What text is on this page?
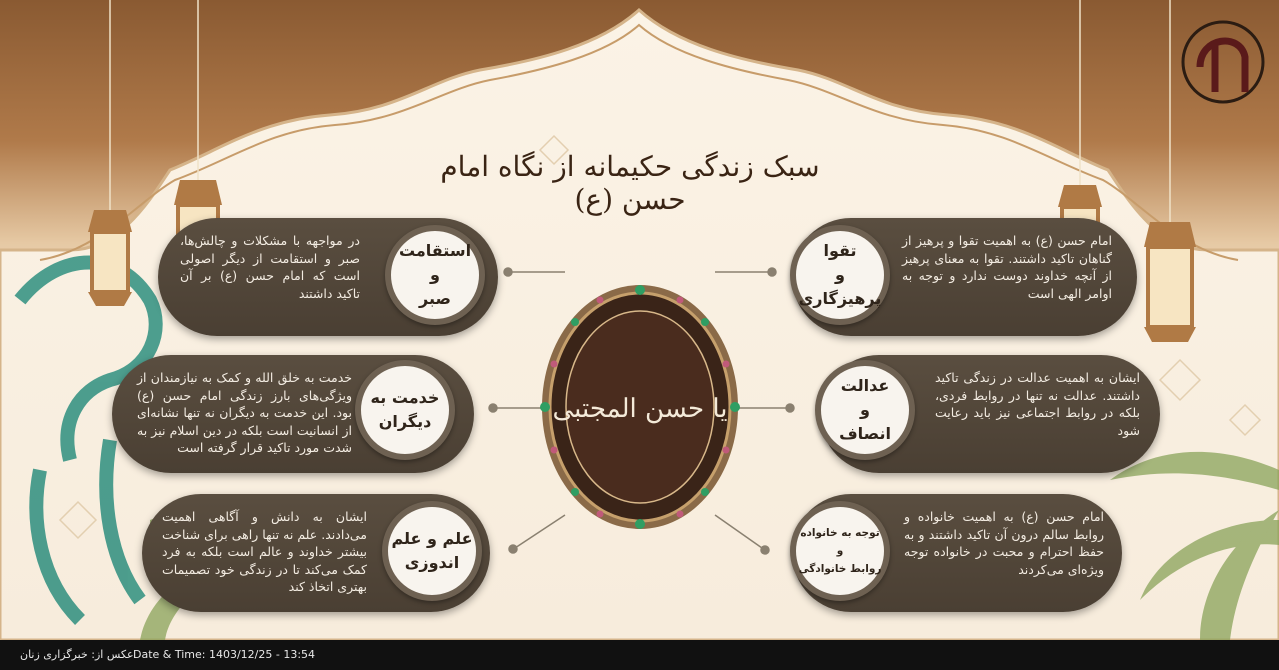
سبک زندگی حکیمانه از نگاه امام حسن (ع)
یا حسن المجتبی
در مواجهه با مشکلات و چالش‌ها، صبر و استقامت از دیگر اصولی است که امام حسن (ع) بر آن تاکید داشتند
استقامت
و
صبر
خدمت به خلق الله و کمک به نیازمندان از ویژگی‌های بارز زندگی امام حسن (ع) بود. این خدمت به دیگران نه تنها نشانه‌ای از انسانیت است بلکه در دین اسلام نیز به شدت مورد تاکید قرار گرفته است
خدمت به
دیگران
ایشان به دانش و آگاهی اهمیت می‌دادند. علم نه تنها راهی برای شناخت بیشتر خداوند و عالم است بلکه به فرد کمک می‌کند تا در زندگی خود تصمیمات بهتری اتخاذ کند
علم و علم
اندوزی
امام حسن (ع) به اهمیت تقوا و پرهیز از گناهان تاکید داشتند. تقوا به معنای پرهیز از آنچه خداوند دوست ندارد و توجه به اوامر الهی است
تقوا
و
پرهیزگاری
ایشان به اهمیت عدالت در زندگی تاکید داشتند. عدالت نه تنها در روابط فردی، بلکه در روابط اجتماعی نیز باید رعایت شود
عدالت
و
انصاف
امام حسن (ع) به اهمیت خانواده و روابط سالم درون آن تاکید داشتند و به حفظ احترام و محبت در خانواده توجه ویژه‌ای می‌کردند
توجه به خانواده
و
روابط خانوادگی
عکس از: خبرگزاری زنان Date & Time: 1403/12/25 - 13:54
